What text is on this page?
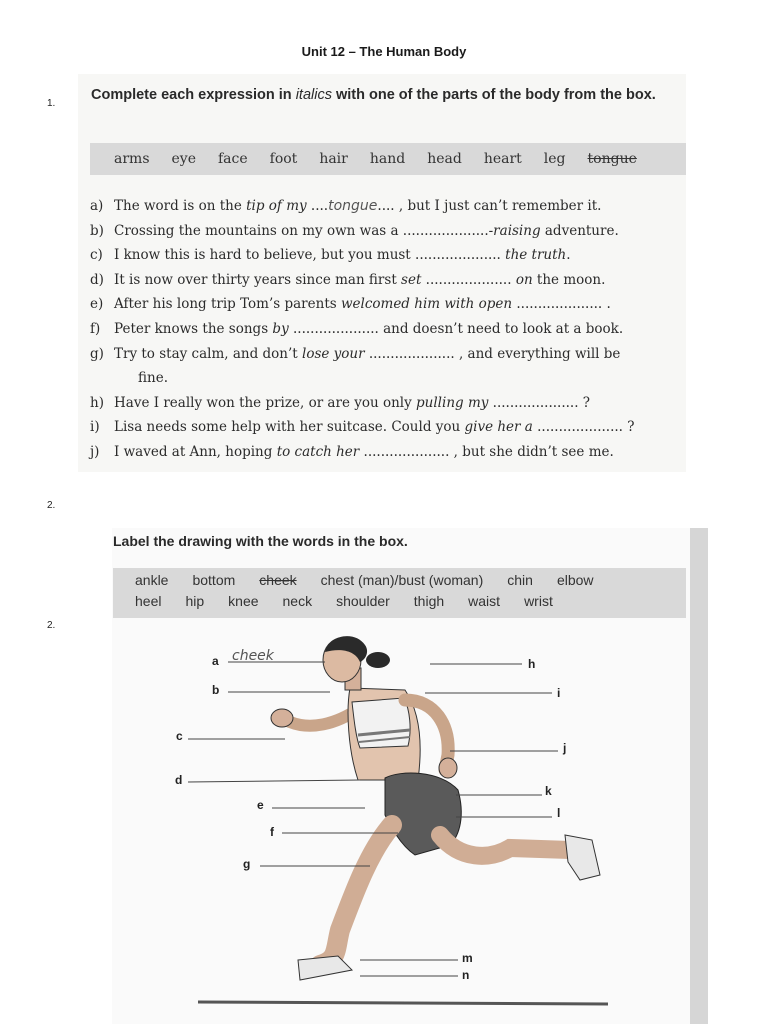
Unit 12 – The Human Body
1.
Complete each expression in italics with one of the parts of the body from the box.
arms eye face foot hair hand head heart leg tongue
a) The word is on the tip of my ....tongue.... , but I just can’t remember it.
b) Crossing the mountains on my own was a ....................-raising adventure.
c) I know this is hard to believe, but you must .................... the truth.
d) It is now over thirty years since man first set .................... on the moon.
e) After his long trip Tom’s parents welcomed him with open .................... .
f)	Peter knows the songs by .................... and doesn’t need to look at a book.
g) Try to stay calm, and don’t lose your .................... , and everything will be
fine.
h) Have I really won the prize, or are you only pulling my .................... ?
i)	Lisa needs some help with her suitcase. Could you give her a .................... ?
j)	I waved at Ann, hoping to catch her .................... , but she didn’t see me.
2.
2.
Label the drawing with the words in the box.
ankle bottom cheek chest (man)/bust (woman) chin elbow
heel hip knee neck shoulder thigh waist wrist
cheek
a
b
c
d
e
f
g
h
i
j
k
l
m
n
